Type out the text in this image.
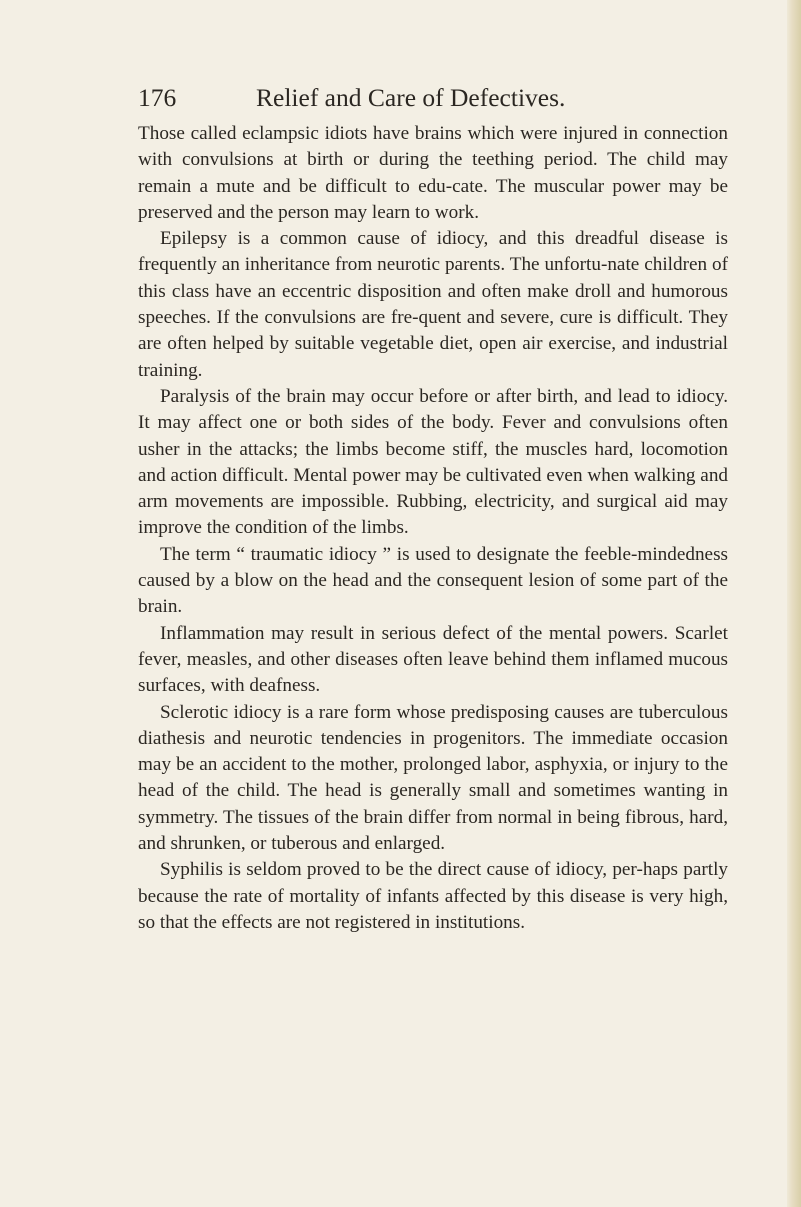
176	Relief and Care of Defectives.

Those called eclampsic idiots have brains which were injured in connection with convulsions at birth or during the teething period. The child may remain a mute and be difficult to edu-cate. The muscular power may be preserved and the person may learn to work.

Epilepsy is a common cause of idiocy, and this dreadful disease is frequently an inheritance from neurotic parents. The unfortu-nate children of this class have an eccentric disposition and often make droll and humorous speeches. If the convulsions are fre-quent and severe, cure is difficult. They are often helped by suitable vegetable diet, open air exercise, and industrial training.

Paralysis of the brain may occur before or after birth, and lead to idiocy. It may affect one or both sides of the body. Fever and convulsions often usher in the attacks; the limbs become stiff, the muscles hard, locomotion and action difficult. Mental power may be cultivated even when walking and arm movements are impossible. Rubbing, electricity, and surgical aid may improve the condition of the limbs.

The term “ traumatic idiocy ” is used to designate the feeble-mindedness caused by a blow on the head and the consequent lesion of some part of the brain.

Inflammation may result in serious defect of the mental powers. Scarlet fever, measles, and other diseases often leave behind them inflamed mucous surfaces, with deafness.

Sclerotic idiocy is a rare form whose predisposing causes are tuberculous diathesis and neurotic tendencies in progenitors. The immediate occasion may be an accident to the mother, prolonged labor, asphyxia, or injury to the head of the child. The head is generally small and sometimes wanting in symmetry. The tissues of the brain differ from normal in being fibrous, hard, and shrunken, or tuberous and enlarged.

Syphilis is seldom proved to be the direct cause of idiocy, per-haps partly because the rate of mortality of infants affected by this disease is very high, so that the effects are not registered in institutions.
